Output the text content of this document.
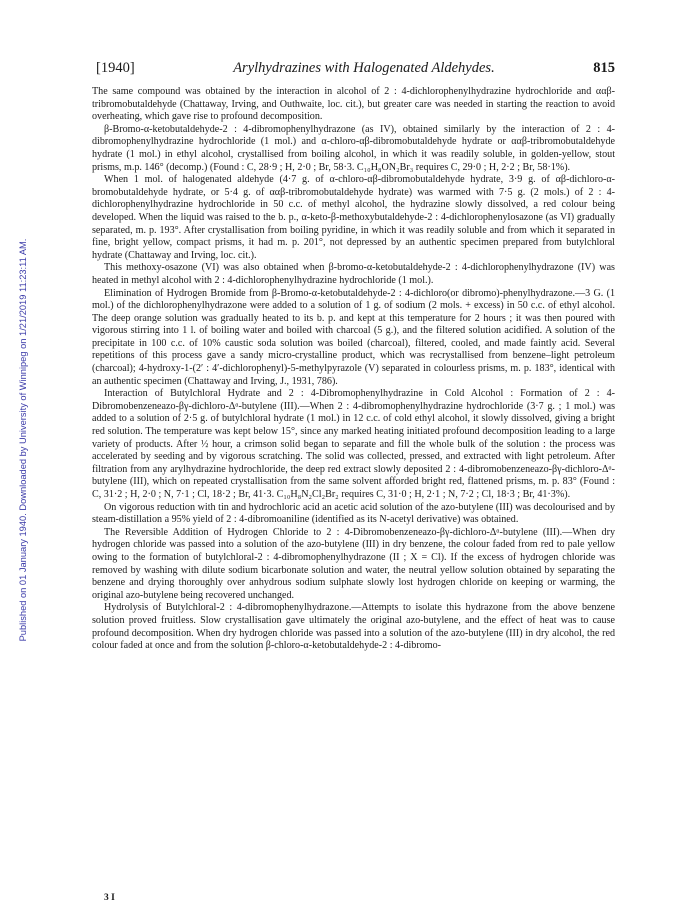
Published on 01 January 1940. Downloaded by University of Winnipeg on 1/21/2019 11:23:11 AM.
[1940]	Arylhydrazines with Halogenated Aldehydes.	815

The same compound was obtained by the interaction in alcohol of 2 : 4-dichlorophenylhydrazine hydrochloride and ααβ-tribromobutaldehyde (Chattaway, Irving, and Outhwaite, loc. cit.), but greater care was needed in starting the reaction to avoid overheating, which gave rise to profound decomposition.

β-Bromo-α-ketobutaldehyde-2 : 4-dibromophenylhydrazone (as IV), obtained similarly by the interaction of 2 : 4-dibromophenylhydrazine hydrochloride (1 mol.) and α-chloro-αβ-dibromobutaldehyde hydrate or ααβ-tribromobutaldehyde hydrate (1 mol.) in ethyl alcohol, crystallised from boiling alcohol, in which it was readily soluble, in golden-yellow, stout prisms, m.p. 146° (decomp.) (Found : C, 28·9 ; H, 2·0 ; Br, 58·3. C₁₀H₈ON₂Br₃ requires C, 29·0 ; H, 2·2 ; Br, 58·1%).

When 1 mol. of halogenated aldehyde (4·7 g. of α-chloro-αβ-dibromobutaldehyde hydrate, 3·9 g. of αβ-dichloro-α-bromobutaldehyde hydrate, or 5·4 g. of ααβ-tribromobutaldehyde hydrate) was warmed with 7·5 g. (2 mols.) of 2 : 4-dichlorophenylhydrazine hydrochloride in 50 c.c. of methyl alcohol, the hydrazine slowly dissolved, a red colour being developed. When the liquid was raised to the b. p., α-keto-β-methoxybutaldehyde-2 : 4-dichlorophenylosazone (as VI) gradually separated, m. p. 193°. After crystallisation from boiling pyridine, in which it was readily soluble and from which it separated in fine, bright yellow, compact prisms, it had m. p. 201°, not depressed by an authentic specimen prepared from butylchloral hydrate (Chattaway and Irving, loc. cit.).

This methoxy-osazone (VI) was also obtained when β-bromo-α-ketobutaldehyde-2 : 4-dichlorophenylhydrazone (IV) was heated in methyl alcohol with 2 : 4-dichlorophenylhydrazine hydrochloride (1 mol.).

Elimination of Hydrogen Bromide from β-Bromo-α-ketobutaldehyde-2 : 4-dichloro(or dibromo)-phenylhydrazone.—3 G. (1 mol.) of the dichlorophenylhydrazone were added to a solution of 1 g. of sodium (2 mols. + excess) in 50 c.c. of ethyl alcohol. The deep orange solution was gradually heated to its b. p. and kept at this temperature for 2 hours ; it was then poured with vigorous stirring into 1 l. of boiling water and boiled with charcoal (5 g.), and the filtered solution acidified. A solution of the precipitate in 100 c.c. of 10% caustic soda solution was boiled (charcoal), filtered, cooled, and made faintly acid. Several repetitions of this process gave a sandy micro-crystalline product, which was recrystallised from benzene–light petroleum (charcoal); 4-hydroxy-1-(2′ : 4′-dichlorophenyl)-5-methylpyrazole (V) separated in colourless prisms, m. p. 183°, identical with an authentic specimen (Chattaway and Irving, J., 1931, 786).

Interaction of Butylchloral Hydrate and 2 : 4-Dibromophenylhydrazine in Cold Alcohol : Formation of 2 : 4-Dibromobenzeneazo-βγ-dichloro-Δᵅ-butylene (III).—When 2 : 4-dibromophenylhydrazine hydrochloride (3·7 g. ; 1 mol.) was added to a solution of 2·5 g. of butylchloral hydrate (1 mol.) in 12 c.c. of cold ethyl alcohol, it slowly dissolved, giving a bright red solution. The temperature was kept below 15°, since any marked heating initiated profound decomposition leading to a large variety of products. After ½ hour, a crimson solid began to separate and fill the whole bulk of the solution : the process was accelerated by seeding and by vigorous scratching. The solid was collected, pressed, and extracted with light petroleum. After filtration from any arylhydrazine hydrochloride, the deep red extract slowly deposited 2 : 4-dibromobenzeneazo-βγ-dichloro-Δᵅ-butylene (III), which on repeated crystallisation from the same solvent afforded bright red, flattened prisms, m. p. 83° (Found : C, 31·2 ; H, 2·0 ; N, 7·1 ; Cl, 18·2 ; Br, 41·3. C₁₀H₈N₂Cl₂Br₂ requires C, 31·0 ; H, 2·1 ; N, 7·2 ; Cl, 18·3 ; Br, 41·3%).

On vigorous reduction with tin and hydrochloric acid an acetic acid solution of the azo-butylene (III) was decolourised and by steam-distillation a 95% yield of 2 : 4-dibromoaniline (identified as its N-acetyl derivative) was obtained.

The Reversible Addition of Hydrogen Chloride to 2 : 4-Dibromobenzeneazo-βγ-dichloro-Δᵅ-butylene (III).—When dry hydrogen chloride was passed into a solution of the azo-butylene (III) in dry benzene, the colour faded from red to pale yellow owing to the formation of butylchloral-2 : 4-dibromophenylhydrazone (II ; X = Cl). If the excess of hydrogen chloride was removed by washing with dilute sodium bicarbonate solution and water, the neutral yellow solution obtained by separating the benzene and drying thoroughly over anhydrous sodium sulphate slowly lost hydrogen chloride on keeping or warming, the original azo-butylene being recovered unchanged.

Hydrolysis of Butylchloral-2 : 4-dibromophenylhydrazone.—Attempts to isolate this hydrazone from the above benzene solution proved fruitless. Slow crystallisation gave ultimately the original azo-butylene, and the effect of heat was to cause profound decomposition. When dry hydrogen chloride was passed into a solution of the azo-butylene (III) in dry alcohol, the red colour faded at once and from the solution β-chloro-α-ketobutaldehyde-2 : 4-dibromo-

3 I
